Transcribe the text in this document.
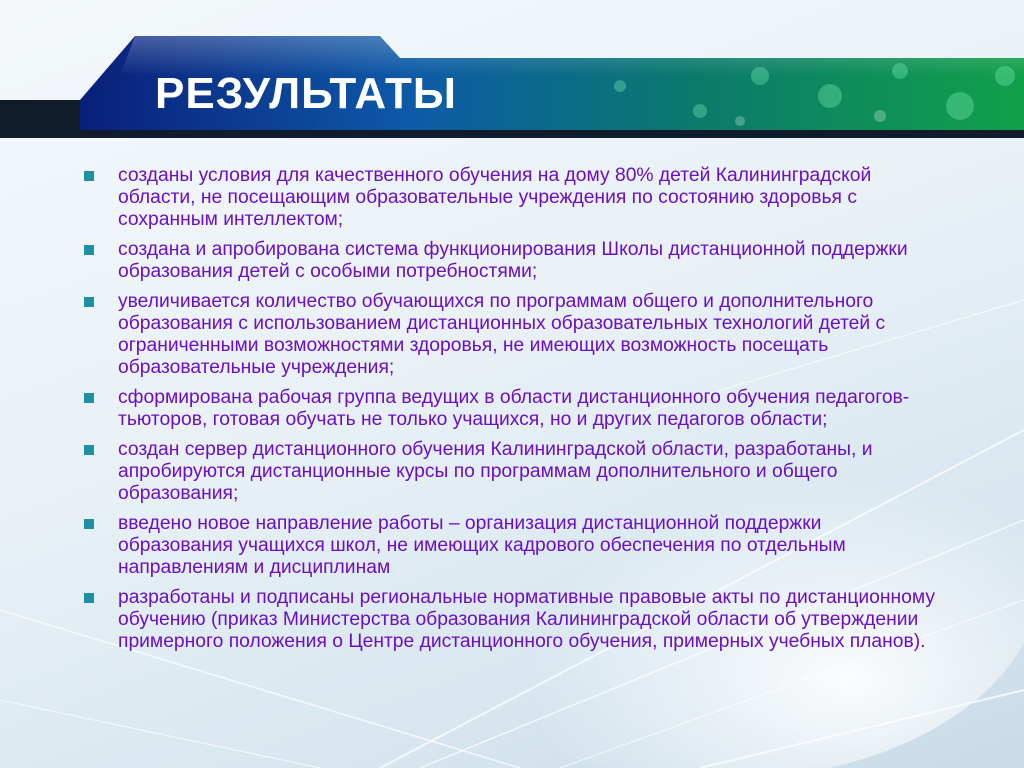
РЕЗУЛЬТАТЫ
созданы условия для качественного обучения на дому 80% детей Калининградской области, не посещающим образовательные учреждения по состоянию здоровья с сохранным интеллектом;
создана и апробирована система функционирования Школы дистанционной поддержки образования детей с особыми потребностями;
увеличивается количество обучающихся по программам общего и дополнительного образования с использованием дистанционных образовательных технологий детей с ограниченными возможностями здоровья, не имеющих возможность посещать образовательные учреждения;
сформирована рабочая группа ведущих в области дистанционного обучения педагогов-тьюторов, готовая обучать не только учащихся, но и других педагогов области;
создан сервер дистанционного обучения Калининградской области, разработаны, и апробируются дистанционные курсы по программам дополнительного и общего образования;
введено новое направление работы – организация дистанционной поддержки образования учащихся школ, не имеющих кадрового обеспечения по отдельным направлениям и дисциплинам
разработаны и подписаны региональные нормативные правовые акты по дистанционному обучению (приказ Министерства образования Калининградской области об утверждении примерного положения о Центре дистанционного обучения, примерных учебных планов).
